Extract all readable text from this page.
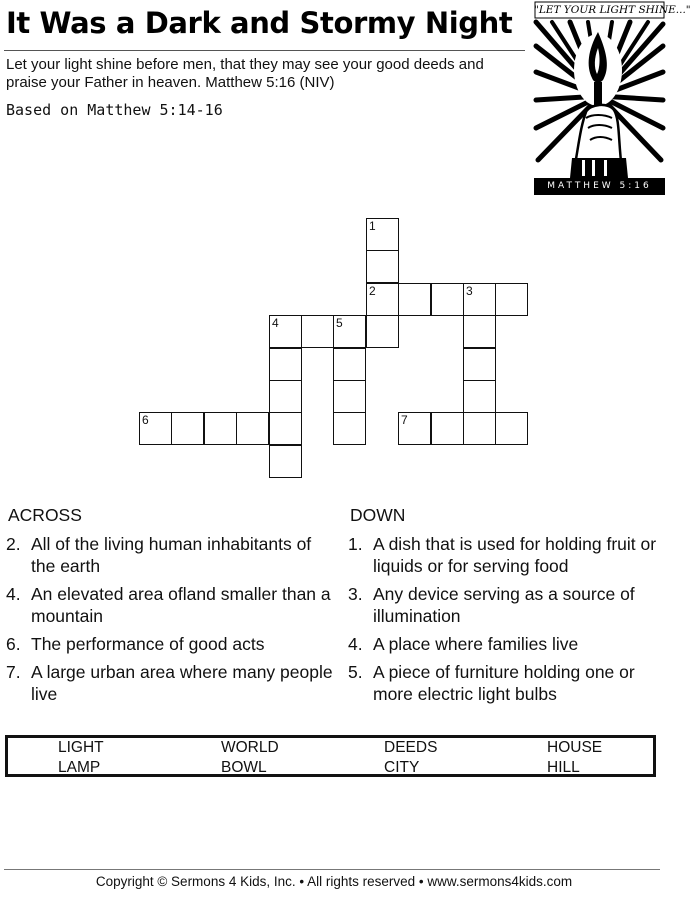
It Was a Dark and Stormy Night
Let your light shine before men, that they may see your good deeds and praise your Father in heaven. Matthew 5:16 (NIV)
Based on Matthew 5:14-16
"LET YOUR LIGHT SHINE..."
MATTHEW 5:16
1
2	3
4	5
6	7
ACROSS
2. All of the living human inhabitants of the earth
4. An elevated area ofland smaller than a mountain
6. The performance of good acts
7. A large urban area where many people live
DOWN
1. A dish that is used for holding fruit or liquids or for serving food
3. Any device serving as a source of illumination
4. A place where families live
5. A piece of furniture holding one or more electric light bulbs
LIGHT	WORLD	DEEDS	HOUSE
LAMP	BOWL	CITY	HILL
Copyright © Sermons 4 Kids, Inc. • All rights reserved • www.sermons4kids.com
